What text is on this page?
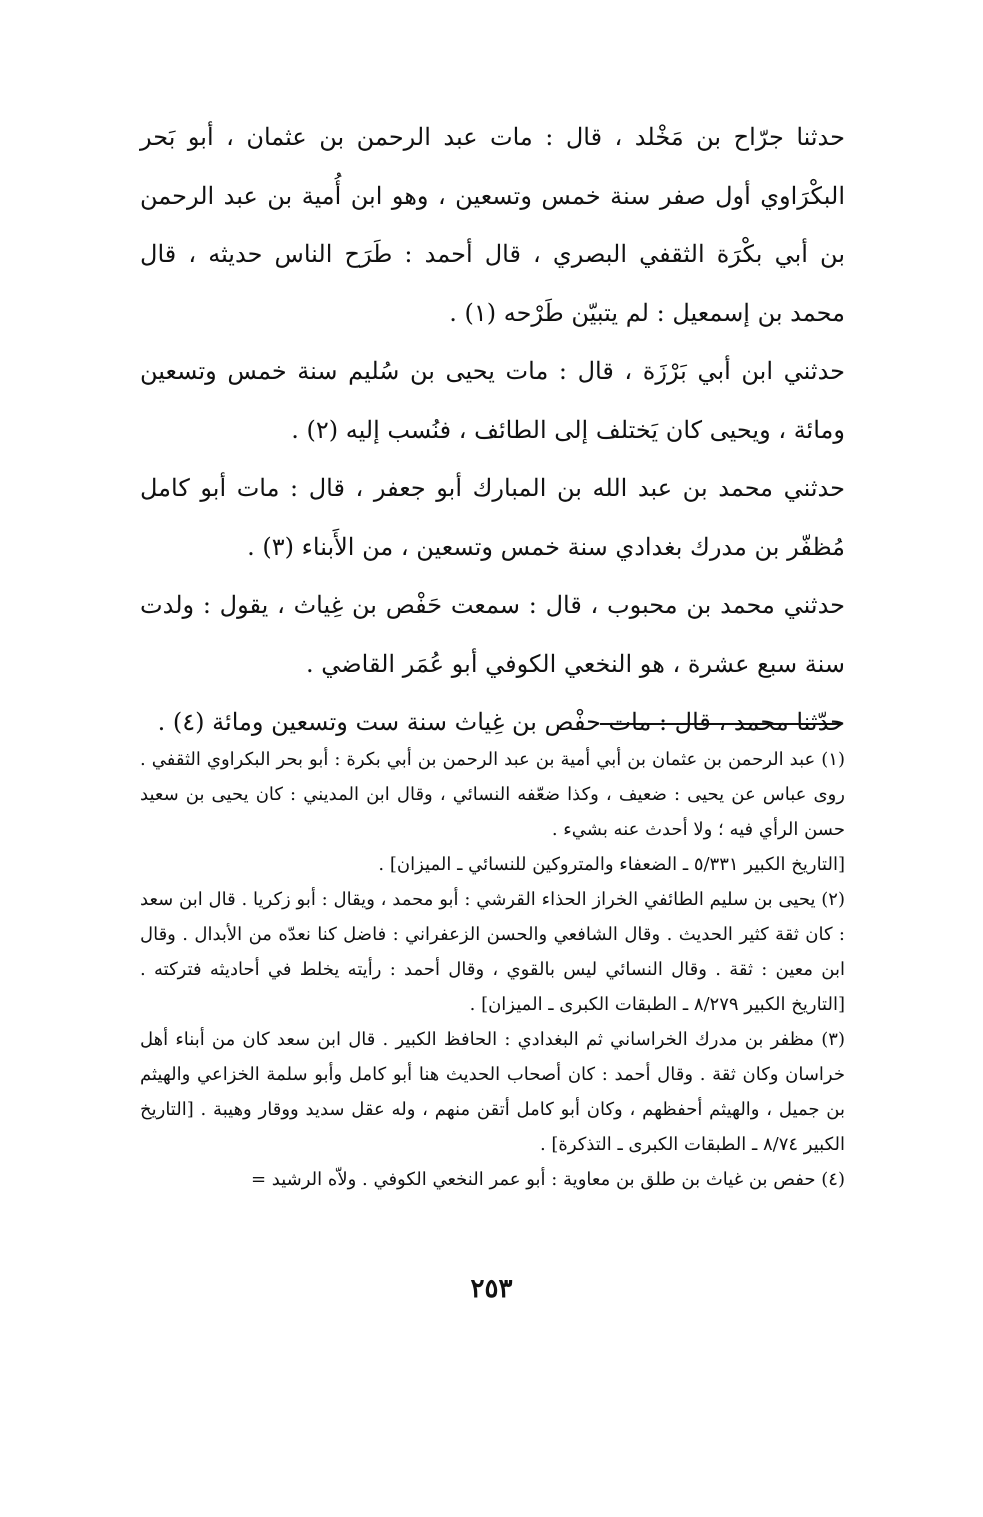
حدثنا جرّاح بن مَخْلد ، قال : مات عبد الرحمن بن عثمان ، أبو بَحر البكْرَاوي أول صفر سنة خمس وتسعين ، وهو ابن أُمية بن عبد الرحمن بن أبي بكْرَة الثقفي البصري ، قال أحمد : طَرَح الناس حديثه ، قال محمد بن إسمعيل : لم يتبيّن طَرْحه (١) .

حدثني ابن أبي بَرْزَة ، قال : مات يحيى بن سُليم سنة خمس وتسعين ومائة ، ويحيى كان يَختلف إلى الطائف ، فنُسب إليه (٢) .

حدثني محمد بن عبد الله بن المبارك أبو جعفر ، قال : مات أبو كامل مُظفّر بن مدرك بغدادي سنة خمس وتسعين ، من الأَبناء (٣) .

حدثني محمد بن محبوب ، قال : سمعت حَفْص بن غِياث ، يقول : ولدت سنة سبع عشرة ، هو النخعي الكوفي أبو عُمَر القاضي .

حدّثنا محمد ، قال : مات حفْص بن غِياث سنة ست وتسعين ومائة (٤) .

(١) عبد الرحمن بن عثمان بن أبي أمية بن عبد الرحمن بن أبي بكرة : أبو بحر البكراوي الثقفي . روى عباس عن يحيى : ضعيف ، وكذا ضعّفه النسائي ، وقال ابن المديني : كان يحيى بن سعيد حسن الرأي فيه ؛ ولا أحدث عنه بشيء .

[التاريخ الكبير ٥/٣٣١ ـ الضعفاء والمتروكين للنسائي ـ الميزان] .

(٢) يحيى بن سليم الطائفي الخراز الحذاء القرشي : أبو محمد ، ويقال : أبو زكريا . قال ابن سعد : كان ثقة كثير الحديث . وقال الشافعي والحسن الزعفراني : فاضل كنا نعدّه من الأبدال . وقال ابن معين : ثقة . وقال النسائي ليس بالقوي ، وقال أحمد : رأيته يخلط في أحاديثه فتركته . [التاريخ الكبير ٨/٢٧٩ ـ الطبقات الكبرى ـ الميزان] .

(٣) مظفر بن مدرك الخراساني ثم البغدادي : الحافظ الكبير . قال ابن سعد كان من أبناء أهل خراسان وكان ثقة . وقال أحمد : كان أصحاب الحديث هنا أبو كامل وأبو سلمة الخزاعي والهيثم بن جميل ، والهيثم أحفظهم ، وكان أبو كامل أتقن منهم ، وله عقل سديد ووقار وهيبة . [التاريخ الكبير ٨/٧٤ ـ الطبقات الكبرى ـ التذكرة] .

(٤) حفص بن غياث بن طلق بن معاوية : أبو عمر النخعي الكوفي . ولاّه الرشيد =

٢٥٣
